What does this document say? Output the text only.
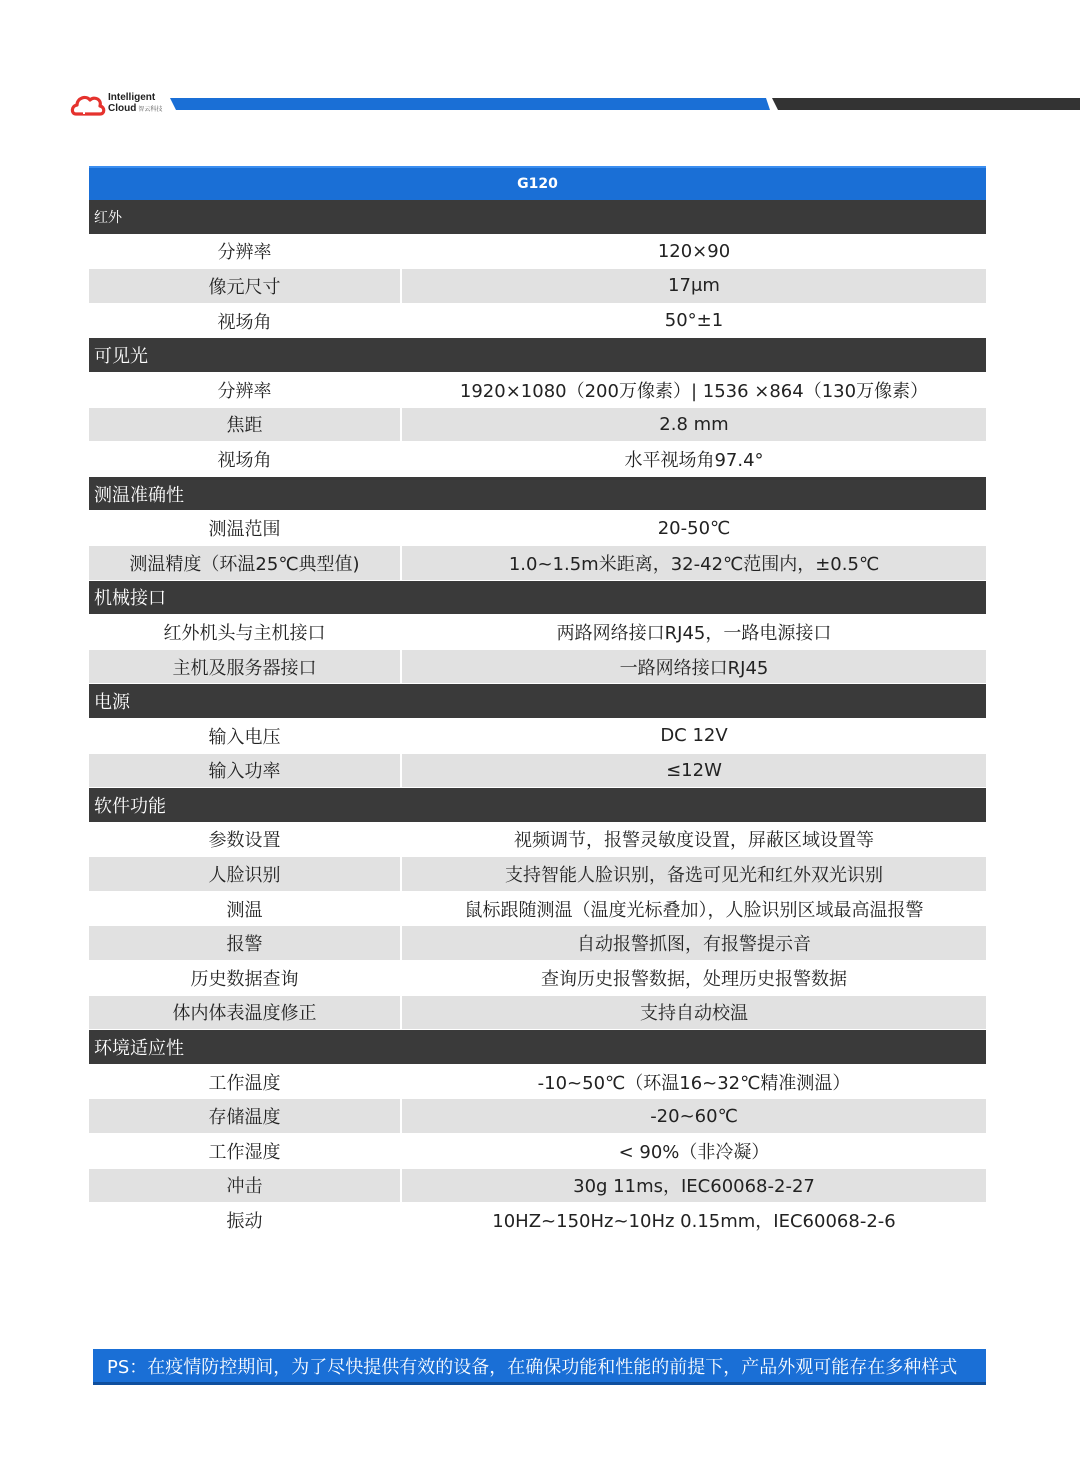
Intelligent
Cloud 智云科技
G120
红外
分辨率	120×90
像元尺寸	17μm
视场角	50°±1
可见光
分辨率	1920×1080（200万像素）| 1536 ×864（130万像素）
焦距	2.8 mm
视场角	水平视场角97.4°
测温准确性
测温范围	20-50℃
测温精度（环温25℃典型值)	1.0~1.5m米距离，32-42℃范围内，±0.5℃
机械接口
红外机头与主机接口	两路网络接口RJ45，一路电源接口
主机及服务器接口	一路网络接口RJ45
电源
输入电压	DC 12V
输入功率	≤12W
软件功能
参数设置	视频调节，报警灵敏度设置，屏蔽区域设置等
人脸识别	支持智能人脸识别，备选可见光和红外双光识别
测温	鼠标跟随测温（温度光标叠加），人脸识别区域最高温报警
报警	自动报警抓图，有报警提示音
历史数据查询	查询历史报警数据，处理历史报警数据
体内体表温度修正	支持自动校温
环境适应性
工作温度	-10~50℃（环温16~32℃精准测温）
存储温度	-20~60℃
工作湿度	< 90%（非冷凝）
冲击	30g 11ms，IEC60068-2-27
振动	10HZ~150Hz~10Hz 0.15mm，IEC60068-2-6
PS：在疫情防控期间，为了尽快提供有效的设备，在确保功能和性能的前提下，产品外观可能存在多种样式
